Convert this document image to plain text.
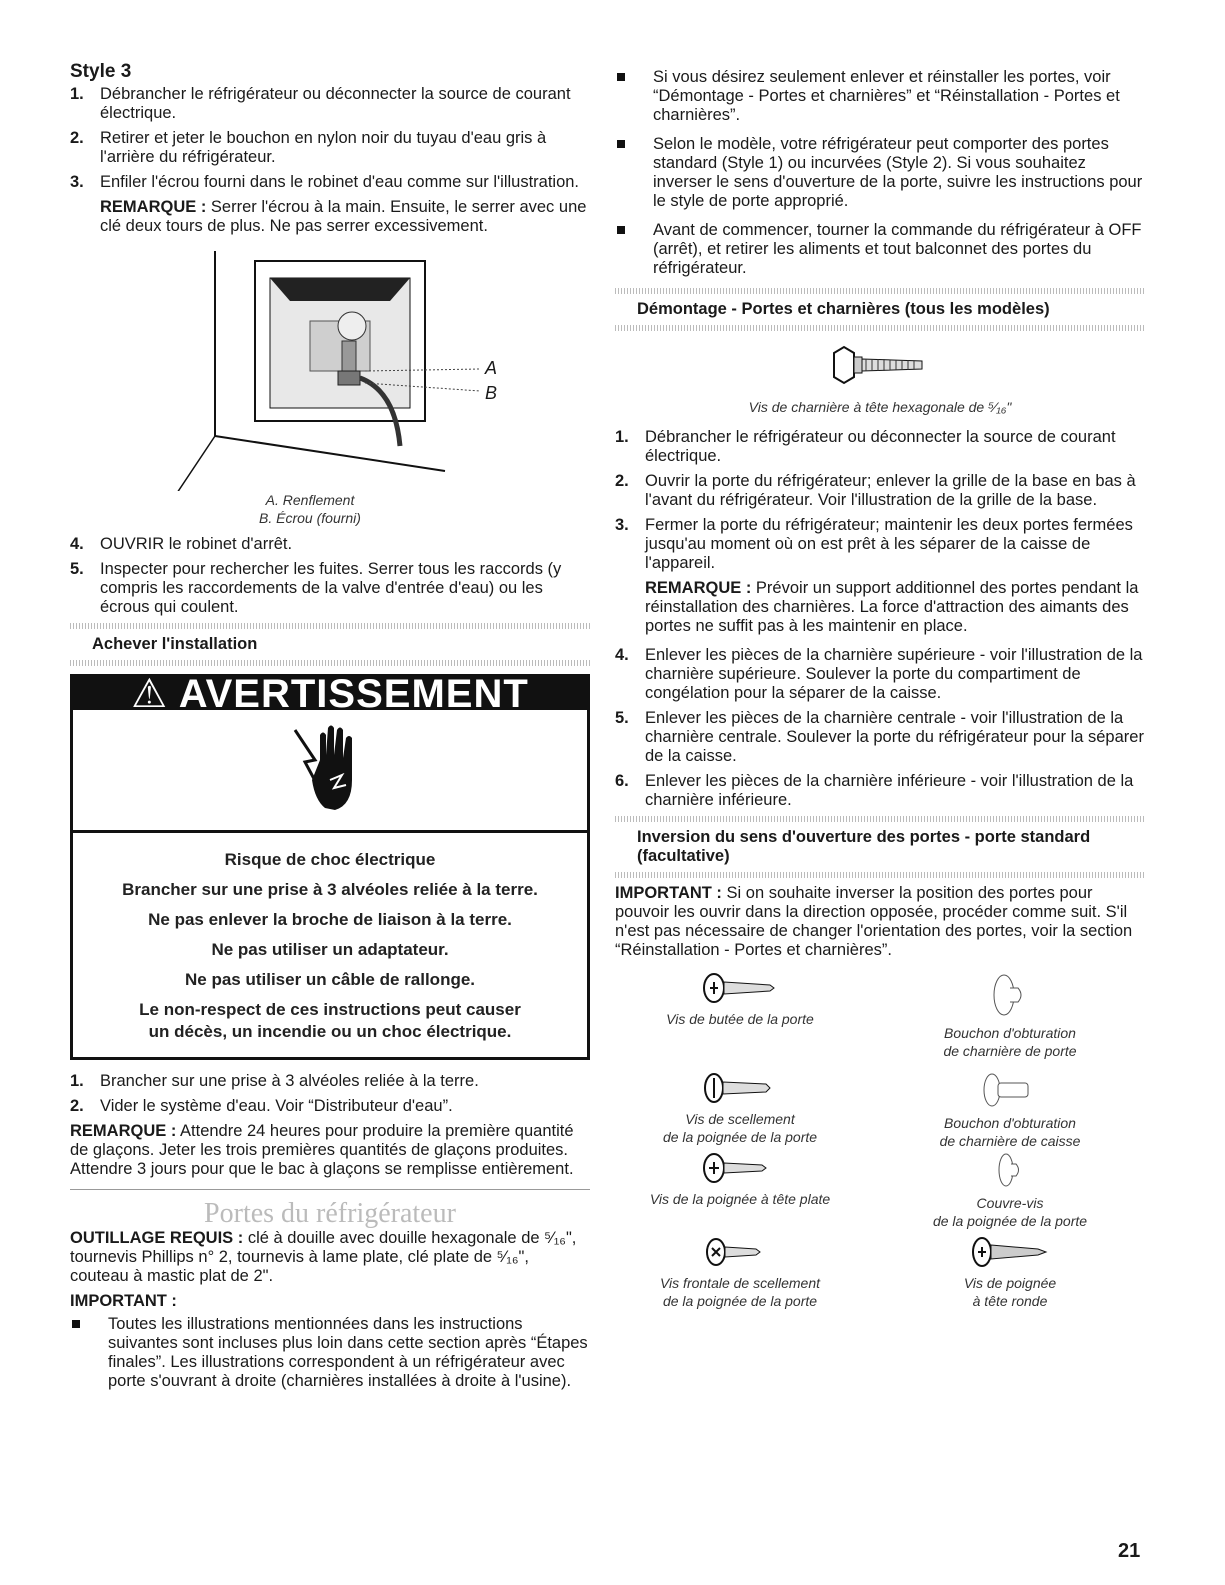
Style 3
1. Débrancher le réfrigérateur ou déconnecter la source de courant électrique.
2. Retirer et jeter le bouchon en nylon noir du tuyau d'eau gris à l'arrière du réfrigérateur.
3. Enfiler l'écrou fourni dans le robinet d'eau comme sur l'illustration.
REMARQUE : Serrer l'écrou à la main. Ensuite, le serrer avec une clé deux tours de plus. Ne pas serrer excessivement.
A
B
A. Renflement
B. Écrou (fourni)
4. OUVRIR le robinet d'arrêt.
5. Inspecter pour rechercher les fuites. Serrer tous les raccords (y compris les raccordements de la valve d'entrée d'eau) ou les écrous qui coulent.
Achever l'installation
⚠ AVERTISSEMENT
Risque de choc électrique
Brancher sur une prise à 3 alvéoles reliée à la terre.
Ne pas enlever la broche de liaison à la terre.
Ne pas utiliser un adaptateur.
Ne pas utiliser un câble de rallonge.
Le non-respect de ces instructions peut causer
un décès, un incendie ou un choc électrique.
1. Brancher sur une prise à 3 alvéoles reliée à la terre.
2. Vider le système d'eau. Voir “Distributeur d'eau”.
REMARQUE : Attendre 24 heures pour produire la première quantité de glaçons. Jeter les trois premières quantités de glaçons produites. Attendre 3 jours pour que le bac à glaçons se remplisse entièrement.
Portes du réfrigérateur
OUTILLAGE REQUIS : clé à douille avec douille hexagonale de ⁵⁄₁₆", tournevis Phillips n° 2, tournevis à lame plate, clé plate de ⁵⁄₁₆", couteau à mastic plat de 2".
IMPORTANT :
Toutes les illustrations mentionnées dans les instructions suivantes sont incluses plus loin dans cette section après “Étapes finales”. Les illustrations correspondent à un réfrigérateur avec porte s'ouvrant à droite (charnières installées à droite à l'usine).
Si vous désirez seulement enlever et réinstaller les portes, voir “Démontage - Portes et charnières” et “Réinstallation - Portes et charnières”.
Selon le modèle, votre réfrigérateur peut comporter des portes standard (Style 1) ou incurvées (Style 2). Si vous souhaitez inverser le sens d'ouverture de la porte, suivre les instructions pour le style de porte approprié.
Avant de commencer, tourner la commande du réfrigérateur à OFF (arrêt), et retirer les aliments et tout balconnet des portes du réfrigérateur.
Démontage - Portes et charnières (tous les modèles)
Vis de charnière à tête hexagonale de ⁵⁄₁₆"
1. Débrancher le réfrigérateur ou déconnecter la source de courant électrique.
2. Ouvrir la porte du réfrigérateur; enlever la grille de la base en bas à l'avant du réfrigérateur. Voir l'illustration de la grille de la base.
3. Fermer la porte du réfrigérateur; maintenir les deux portes fermées jusqu'au moment où on est prêt à les séparer de la caisse de l'appareil.
REMARQUE : Prévoir un support additionnel des portes pendant la réinstallation des charnières. La force d'attraction des aimants des portes ne suffit pas à les maintenir en place.
4. Enlever les pièces de la charnière supérieure - voir l'illustration de la charnière supérieure. Soulever la porte du compartiment de congélation pour la séparer de la caisse.
5. Enlever les pièces de la charnière centrale - voir l'illustration de la charnière centrale. Soulever la porte du réfrigérateur pour la séparer de la caisse.
6. Enlever les pièces de la charnière inférieure - voir l'illustration de la charnière inférieure.
Inversion du sens d'ouverture des portes - porte standard (facultative)
IMPORTANT : Si on souhaite inverser la position des portes pour pouvoir les ouvrir dans la direction opposée, procéder comme suit. S'il n'est pas nécessaire de changer l'orientation des portes, voir la section “Réinstallation - Portes et charnières”.
Vis de butée de la porte
Bouchon d'obturation
de charnière de porte
Vis de scellement
de la poignée de la porte
Bouchon d'obturation
de charnière de caisse
Vis de la poignée à tête plate	Couvre-vis
de la poignée de la porte
Vis frontale de scellement
de la poignée de la porte
Vis de poignée
à tête ronde
21
